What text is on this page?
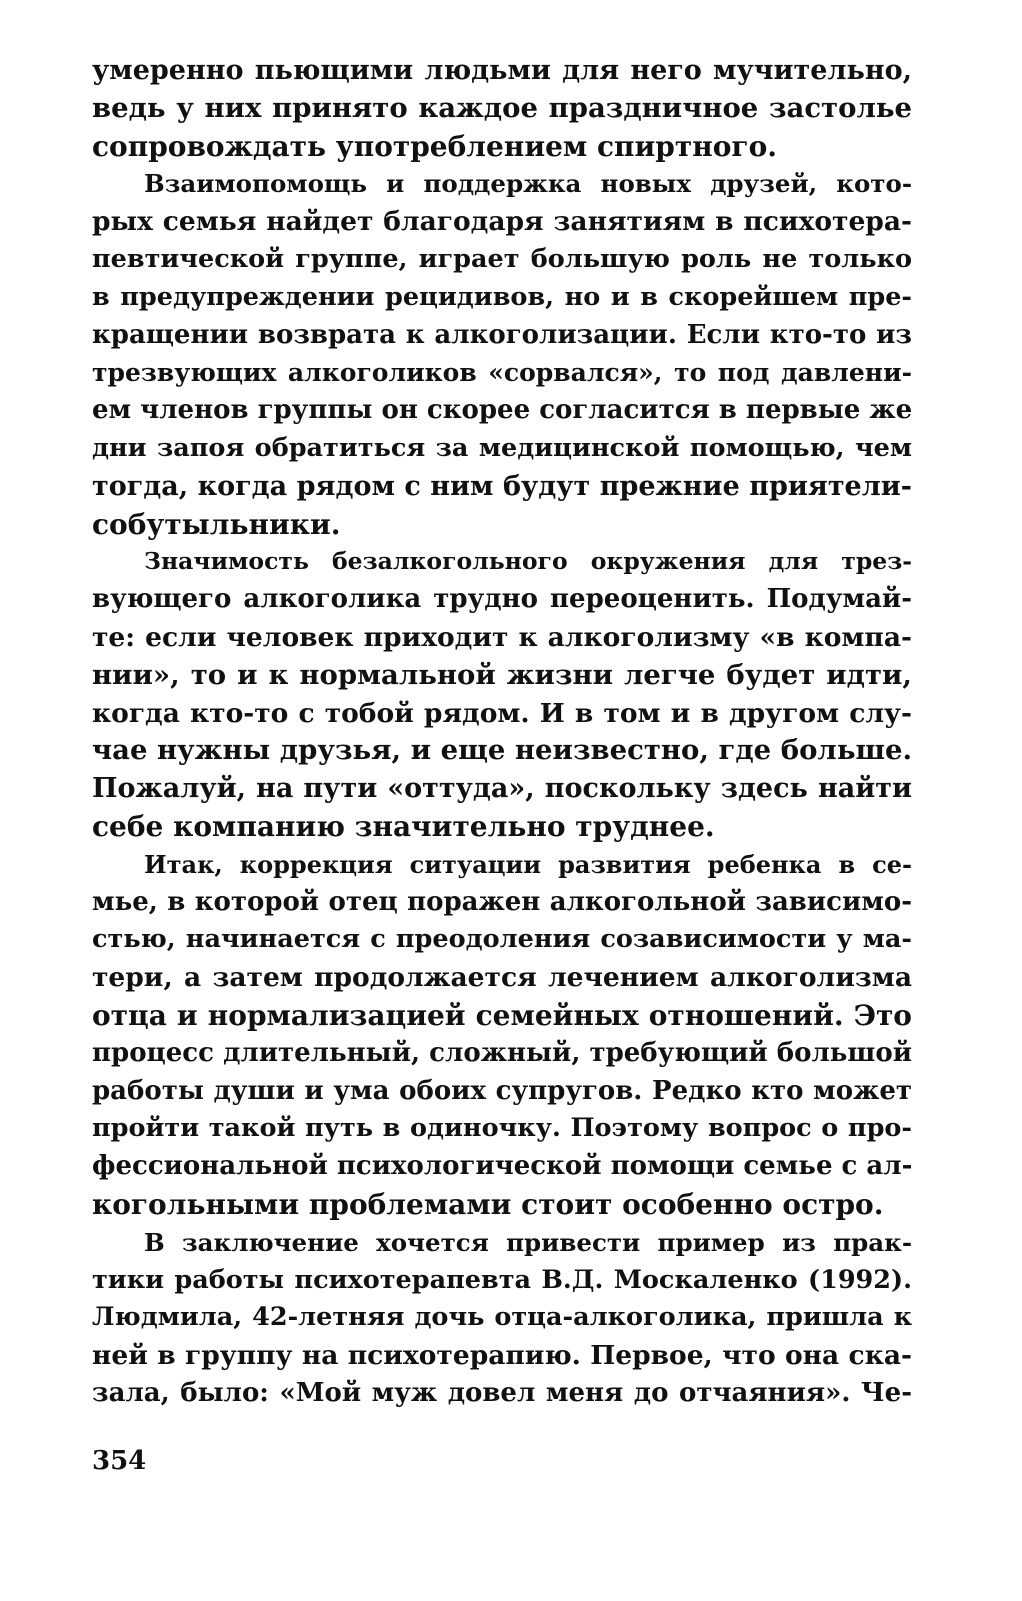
умеренно пьющими людьми для него мучительно,
ведь у них принято каждое праздничное застолье
сопровождать употреблением спиртного.
Взаимопомощь и поддержка новых друзей, кото-
рых семья найдет благодаря занятиям в психотера-
певтической группе, играет большую роль не только
в предупреждении рецидивов, но и в скорейшем пре-
кращении возврата к алкоголизации. Если кто-то из
трезвующих алкоголиков «сорвался», то под давлени-
ем членов группы он скорее согласится в первые же
дни запоя обратиться за медицинской помощью, чем
тогда, когда рядом с ним будут прежние приятели-
собутыльники.
Значимость безалкогольного окружения для трез-
вующего алкоголика трудно переоценить. Подумай-
те: если человек приходит к алкоголизму «в компа-
нии», то и к нормальной жизни легче будет идти,
когда кто-то с тобой рядом. И в том и в другом слу-
чае нужны друзья, и еще неизвестно, где больше.
Пожалуй, на пути «оттуда», поскольку здесь найти
себе компанию значительно труднее.
Итак, коррекция ситуации развития ребенка в се-
мье, в которой отец поражен алкогольной зависимо-
стью, начинается с преодоления созависимости у ма-
тери, а затем продолжается лечением алкоголизма
отца и нормализацией семейных отношений. Это
процесс длительный, сложный, требующий большой
работы души и ума обоих супругов. Редко кто может
пройти такой путь в одиночку. Поэтому вопрос о про-
фессиональной психологической помощи семье с ал-
когольными проблемами стоит особенно остро.
В заключение хочется привести пример из прак-
тики работы психотерапевта В.Д. Москаленко (1992).
Людмила, 42-летняя дочь отца-алкоголика, пришла к
ней в группу на психотерапию. Первое, что она ска-
зала, было: «Мой муж довел меня до отчаяния». Че-
354
